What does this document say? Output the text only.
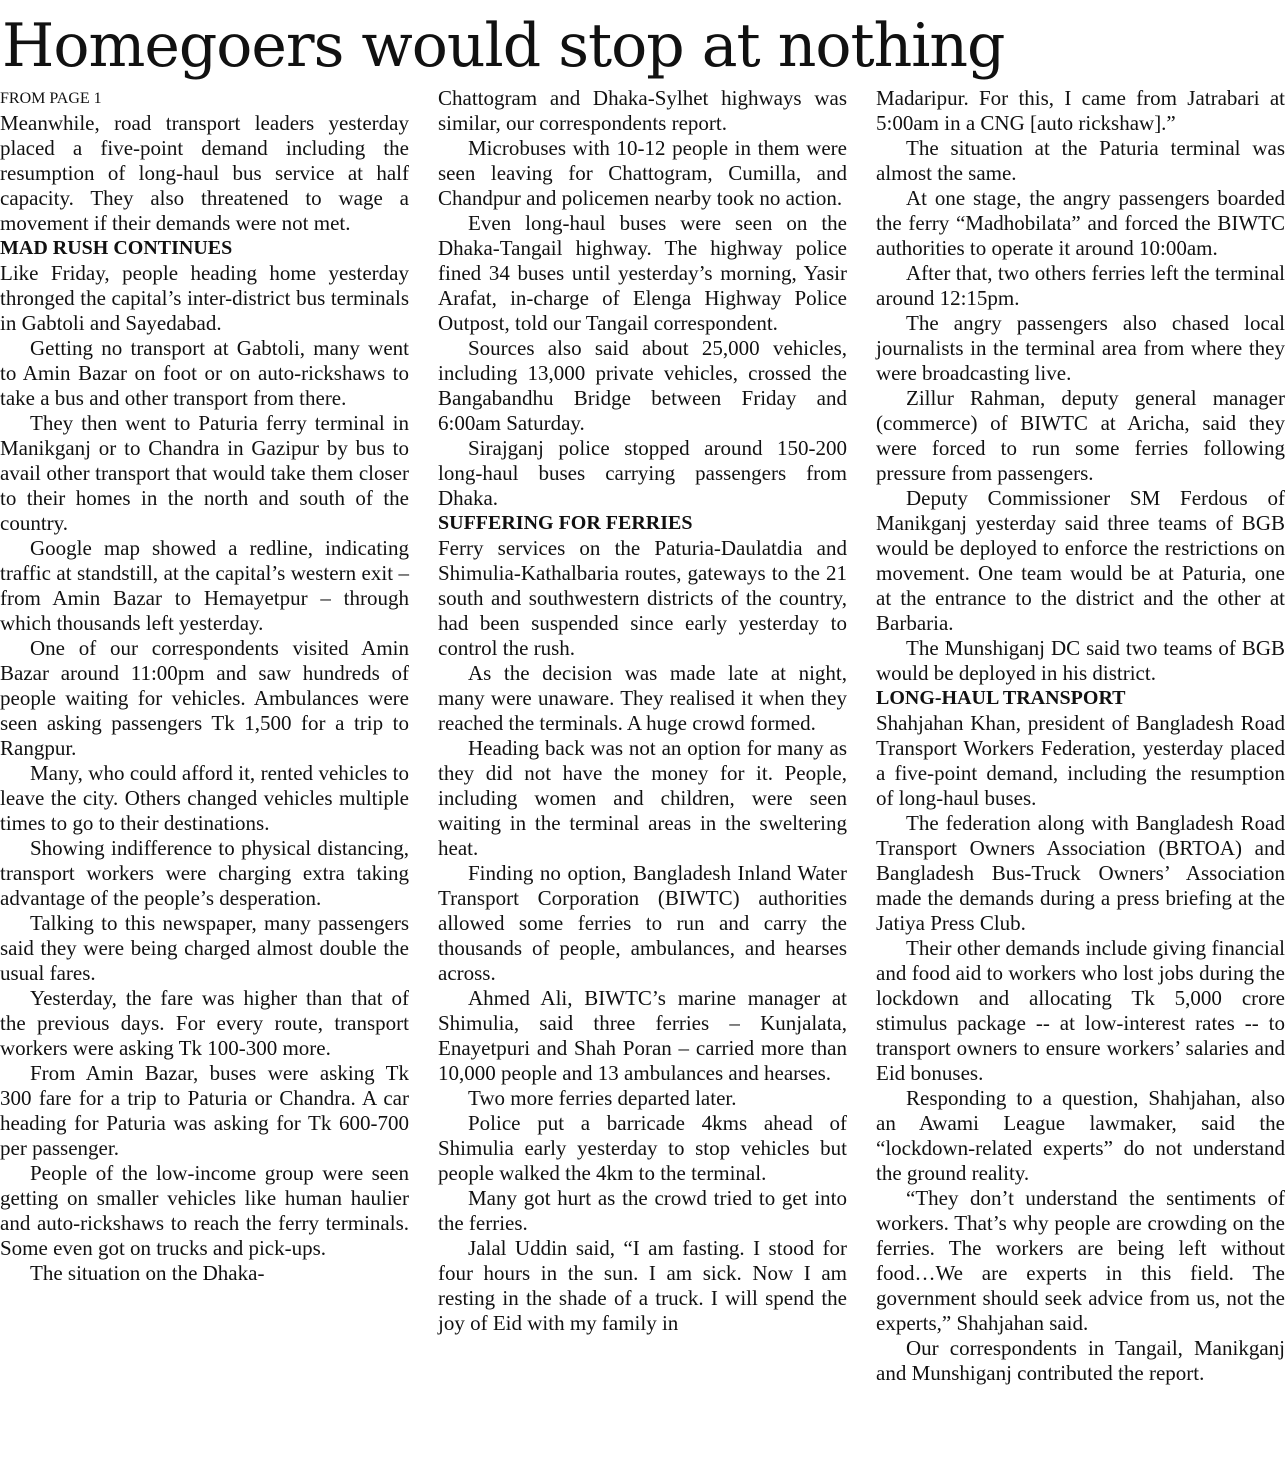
Homegoers would stop at nothing
FROM PAGE 1

Meanwhile, road transport leaders yesterday placed a five-point demand including the resumption of long-haul bus service at half capacity. They also threatened to wage a movement if their demands were not met.

MAD RUSH CONTINUES

Like Friday, people heading home yesterday thronged the capital’s inter-district bus terminals in Gabtoli and Sayedabad.

Getting no transport at Gabtoli, many went to Amin Bazar on foot or on auto-rickshaws to take a bus and other transport from there.

They then went to Paturia ferry terminal in Manikganj or to Chandra in Gazipur by bus to avail other transport that would take them closer to their homes in the north and south of the country.

Google map showed a redline, indicating traffic at standstill, at the capital’s western exit – from Amin Bazar to Hemayetpur – through which thousands left yesterday.

One of our correspondents visited Amin Bazar around 11:00pm and saw hundreds of people waiting for vehicles. Ambulances were seen asking passengers Tk 1,500 for a trip to Rangpur.

Many, who could afford it, rented vehicles to leave the city. Others changed vehicles multiple times to go to their destinations.

Showing indifference to physical distancing, transport workers were charging extra taking advantage of the people’s desperation.

Talking to this newspaper, many passengers said they were being charged almost double the usual fares.

Yesterday, the fare was higher than that of the previous days. For every route, transport workers were asking Tk 100-300 more.

From Amin Bazar, buses were asking Tk 300 fare for a trip to Paturia or Chandra. A car heading for Paturia was asking for Tk 600-700 per passenger.

People of the low-income group were seen getting on smaller vehicles like human haulier and auto-rickshaws to reach the ferry terminals. Some even got on trucks and pick-ups.

The situation on the Dhaka-

Chattogram and Dhaka-Sylhet highways was similar, our correspondents report.

Microbuses with 10-12 people in them were seen leaving for Chattogram, Cumilla, and Chandpur and policemen nearby took no action.

Even long-haul buses were seen on the Dhaka-Tangail highway. The highway police fined 34 buses until yesterday’s morning, Yasir Arafat, in-charge of Elenga Highway Police Outpost, told our Tangail correspondent.

Sources also said about 25,000 vehicles, including 13,000 private vehicles, crossed the Bangabandhu Bridge between Friday and 6:00am Saturday.

Sirajganj police stopped around 150-200 long-haul buses carrying passengers from Dhaka.

SUFFERING FOR FERRIES

Ferry services on the Paturia-Daulatdia and Shimulia-Kathalbaria routes, gateways to the 21 south and southwestern districts of the country, had been suspended since early yesterday to control the rush.

As the decision was made late at night, many were unaware. They realised it when they reached the terminals. A huge crowd formed.

Heading back was not an option for many as they did not have the money for it. People, including women and children, were seen waiting in the terminal areas in the sweltering heat.

Finding no option, Bangladesh Inland Water Transport Corporation (BIWTC) authorities allowed some ferries to run and carry the thousands of people, ambulances, and hearses across.

Ahmed Ali, BIWTC’s marine manager at Shimulia, said three ferries – Kunjalata, Enayetpuri and Shah Poran – carried more than 10,000 people and 13 ambulances and hearses.

Two more ferries departed later.

Police put a barricade 4kms ahead of Shimulia early yesterday to stop vehicles but people walked the 4km to the terminal.

Many got hurt as the crowd tried to get into the ferries.

Jalal Uddin said, “I am fasting. I stood for four hours in the sun. I am sick. Now I am resting in the shade of a truck. I will spend the joy of Eid with my family in

Madaripur. For this, I came from Jatrabari at 5:00am in a CNG [auto rickshaw].”

The situation at the Paturia terminal was almost the same.

At one stage, the angry passengers boarded the ferry “Madhobilata” and forced the BIWTC authorities to operate it around 10:00am.

After that, two others ferries left the terminal around 12:15pm.

The angry passengers also chased local journalists in the terminal area from where they were broadcasting live.

Zillur Rahman, deputy general manager (commerce) of BIWTC at Aricha, said they were forced to run some ferries following pressure from passengers.

Deputy Commissioner SM Ferdous of Manikganj yesterday said three teams of BGB would be deployed to enforce the restrictions on movement. One team would be at Paturia, one at the entrance to the district and the other at Barbaria.

The Munshiganj DC said two teams of BGB would be deployed in his district.

LONG-HAUL TRANSPORT

Shahjahan Khan, president of Bangladesh Road Transport Workers Federation, yesterday placed a five-point demand, including the resumption of long-haul buses.

The federation along with Bangladesh Road Transport Owners Association (BRTOA) and Bangladesh Bus-Truck Owners’ Association made the demands during a press briefing at the Jatiya Press Club.

Their other demands include giving financial and food aid to workers who lost jobs during the lockdown and allocating Tk 5,000 crore stimulus package -- at low-interest rates -- to transport owners to ensure workers’ salaries and Eid bonuses.

Responding to a question, Shahjahan, also an Awami League lawmaker, said the “lockdown-related experts” do not understand the ground reality.

“They don’t understand the sentiments of workers. That’s why people are crowding on the ferries. The workers are being left without food…We are experts in this field. The government should seek advice from us, not the experts,” Shahjahan said.

Our correspondents in Tangail, Manikganj and Munshiganj contributed the report.
